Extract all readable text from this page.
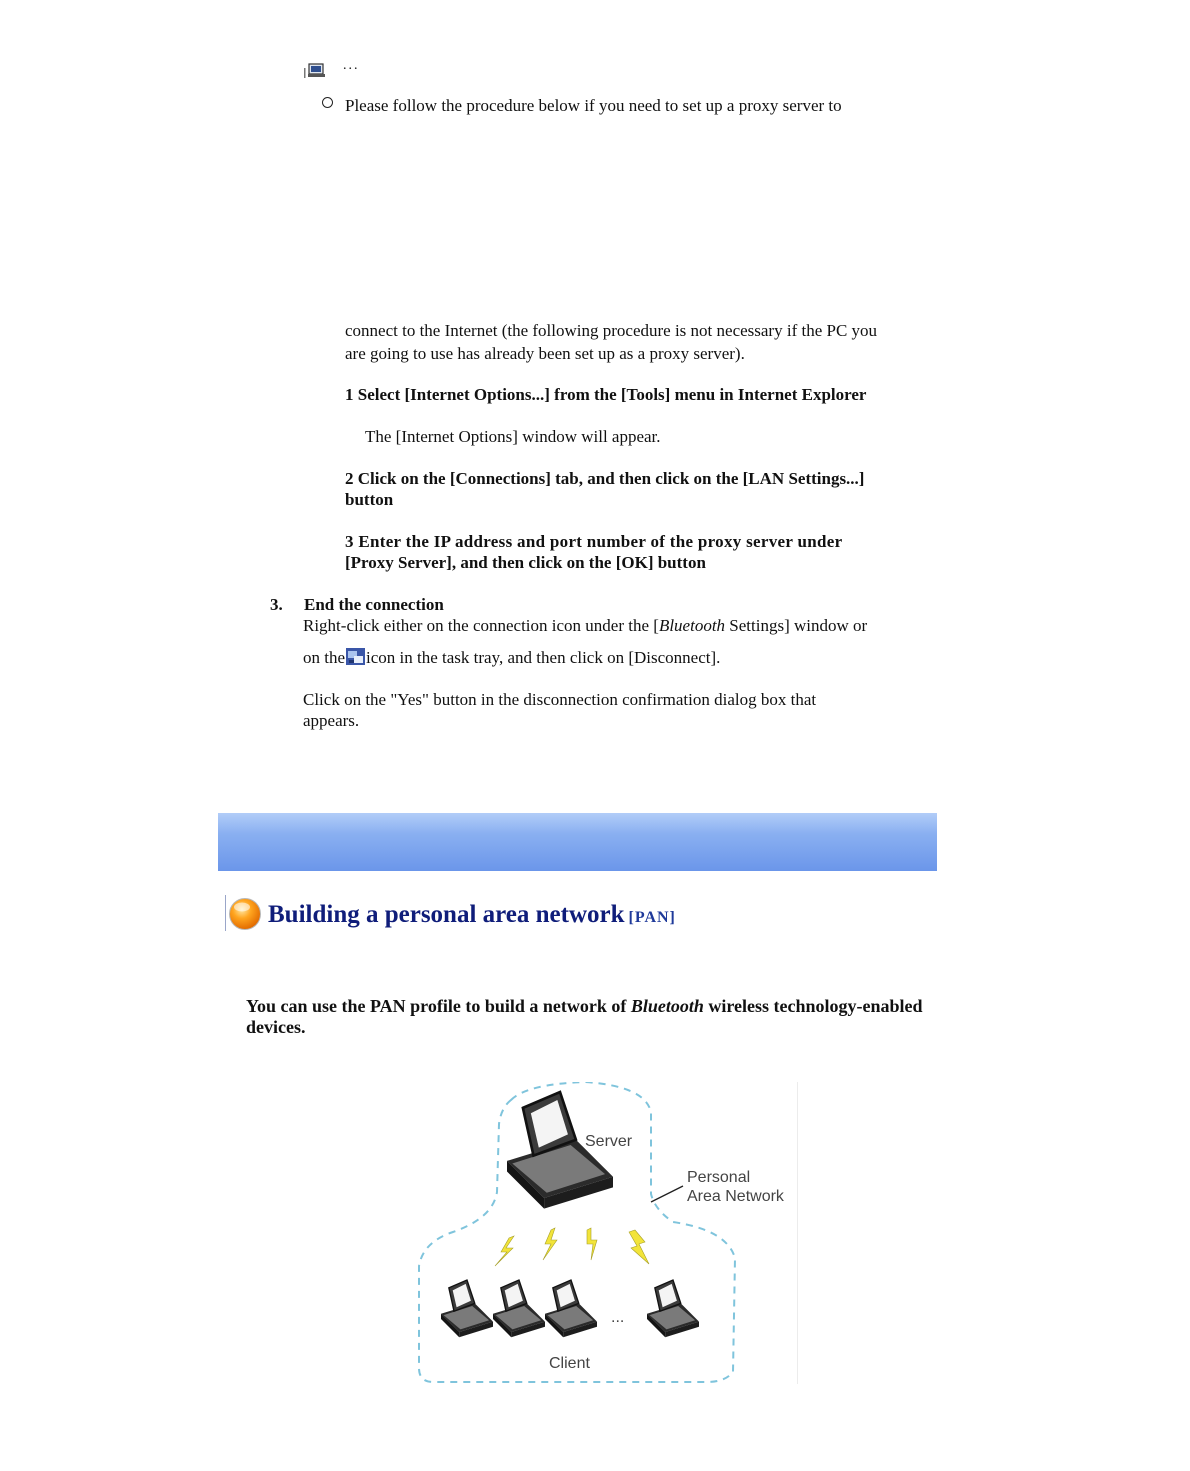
...
Please follow the procedure below if you need to set up a proxy server to
connect to the Internet (the following procedure is not necessary if the PC you
are going to use has already been set up as a proxy server).
1 Select [Internet Options...] from the [Tools] menu in Internet Explorer
The [Internet Options] window will appear.
2 Click on the [Connections] tab, and then click on the [LAN Settings...]
button
3 Enter the IP address and port number of the proxy server under
[Proxy Server], and then click on the [OK] button
3. End the connection
Right-click either on the connection icon under the [Bluetooth Settings] window or
on the icon in the task tray, and then click on [Disconnect].
Click on the "Yes" button in the disconnection confirmation dialog box that
appears.
Building a personal area network [PAN]
You can use the PAN profile to build a network of Bluetooth wireless technology-enabled
devices.
Server
Personal
Area Network
...
Client
